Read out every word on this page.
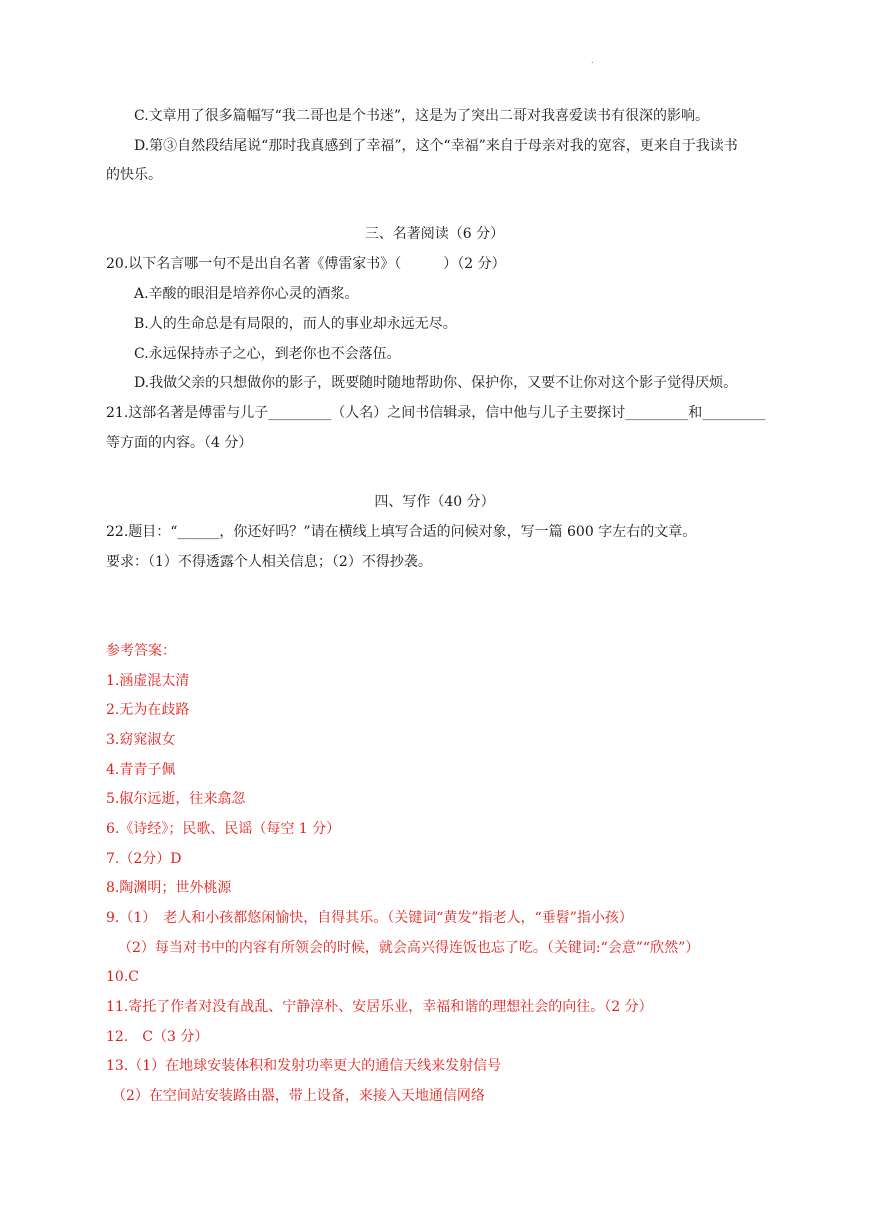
.
C.文章用了很多篇幅写“我二哥也是个书迷”，这是为了突出二哥对我喜爱读书有很深的影响。
D.第③自然段结尾说“那时我真感到了幸福”，这个“幸福”来自于母亲对我的宽容，更来自于我读书
的快乐。
三、名著阅读（6 分）
20.以下名言哪一句不是出自名著《傅雷家书》（　　　）（2 分）
A.辛酸的眼泪是培养你心灵的酒浆。
B.人的生命总是有局限的，而人的事业却永远无尽。
C.永远保持赤子之心，到老你也不会落伍。
D.我做父亲的只想做你的影子，既要随时随地帮助你、保护你，又要不让你对这个影子觉得厌烦。
21.这部名著是傅雷与儿子_________（人名）之间书信辑录，信中他与儿子主要探讨_________和_________
等方面的内容。（4 分）
四、写作（40 分）
22.题目：“______，你还好吗？”请在横线上填写合适的问候对象，写一篇 600 字左右的文章。
要求：（1）不得透露个人相关信息；（2）不得抄袭。
参考答案：
1.涵虚混太清
2.无为在歧路
3.窈窕淑女
4.青青子佩
5.俶尔远逝，往来翕忽
6.《诗经》；民歌、民谣（每空 1 分）
7.（2分）D
8.陶渊明；世外桃源
9.（1）　老人和小孩都悠闲愉快，自得其乐。（关键词“黄发”指老人，“垂髫”指小孩）
（2）每当对书中的内容有所领会的时候，就会高兴得连饭也忘了吃。（关键词:“会意”“欣然”）
10.C
11.寄托了作者对没有战乱、宁静淳朴、安居乐业，幸福和谐的理想社会的向往。（2 分）
12.　C（3 分）
13.（1）在地球安装体积和发射功率更大的通信天线来发射信号
（2）在空间站安装路由器，带上设备，来接入天地通信网络
